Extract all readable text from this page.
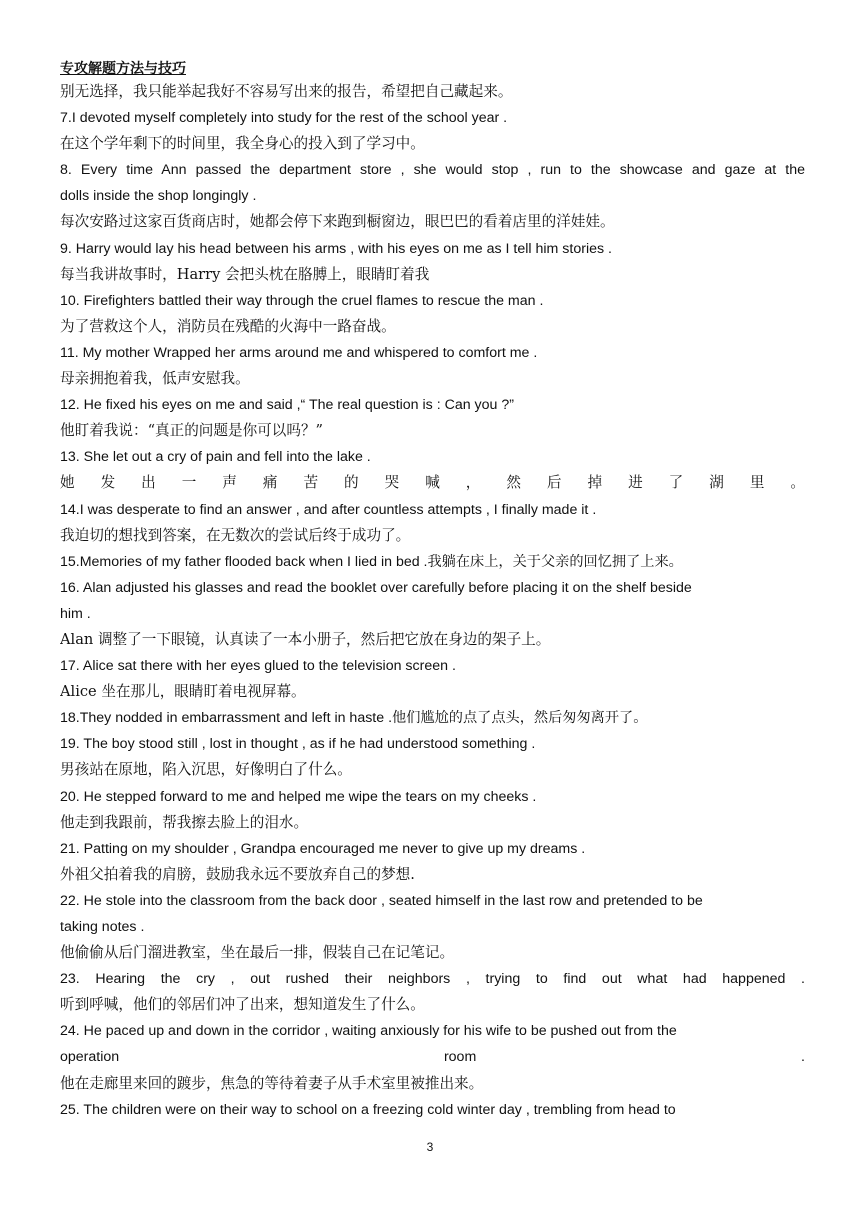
专攻解题方法与技巧
别无选择，我只能举起我好不容易写出来的报告，希望把自己藏起来。
7.I devoted myself completely into study for the rest of the school year .
在这个学年剩下的时间里，我全身心的投入到了学习中。
8. Every time Ann passed the department store , she would stop , run to the showcase and gaze at the
dolls inside the shop longingly .
每次安路过这家百货商店时，她都会停下来跑到橱窗边，眼巴巴的看着店里的洋娃娃。
9. Harry would lay his head between his arms , with his eyes on me as I tell him stories .
每当我讲故事时，Harry 会把头枕在胳膊上，眼睛盯着我
10. Firefighters battled their way through the cruel flames to rescue the man .
为了营救这个人，消防员在残酷的火海中一路奋战。
11. My mother Wrapped her arms around me and whispered to comfort me .
母亲拥抱着我，低声安慰我。
12. He fixed his eyes on me and said ,“ The real question is : Can you ?”
他盯着我说：“真正的问题是你可以吗？”
13. She let out a cry of pain and fell into the lake .
她发出一声痛苦的哭喊，然后掉进了湖里。
14.I was desperate to find an answer , and after countless attempts , I finally made it .
我迫切的想找到答案，在无数次的尝试后终于成功了。
15.Memories of my father flooded back when I lied in bed .我躺在床上，关于父亲的回忆拥了上来。
16. Alan adjusted his glasses and read the booklet over carefully before placing it on the shelf beside
him .
Alan 调整了一下眼镜，认真读了一本小册子，然后把它放在身边的架子上。
17. Alice sat there with her eyes glued to the television screen .
Alice 坐在那儿，眼睛盯着电视屏幕。
18.They nodded in embarrassment and left in haste .他们尴尬的点了点头，然后匆匆离开了。
19. The boy stood still , lost in thought , as if he had understood something .
男孩站在原地，陷入沉思，好像明白了什么。
20. He stepped forward to me and helped me wipe the tears on my cheeks .
他走到我跟前，帮我擦去脸上的泪水。
21. Patting on my shoulder , Grandpa encouraged me never to give up my dreams .
外祖父拍着我的肩膀，鼓励我永远不要放弃自己的梦想.
22. He stole into the classroom from the back door , seated himself in the last row and pretended to be
taking notes .
他偷偷从后门溜进教室，坐在最后一排，假装自己在记笔记。
23. Hearing the cry , out rushed their neighbors , trying to find out what had happened .
听到呼喊，他们的邻居们冲了出来，想知道发生了什么。
24. He paced up and down in the corridor , waiting anxiously for his wife to be pushed out from the
operation room .
他在走廊里来回的踱步，焦急的等待着妻子从手术室里被推出来。
25. The children were on their way to school on a freezing cold winter day , trembling from head to
3
